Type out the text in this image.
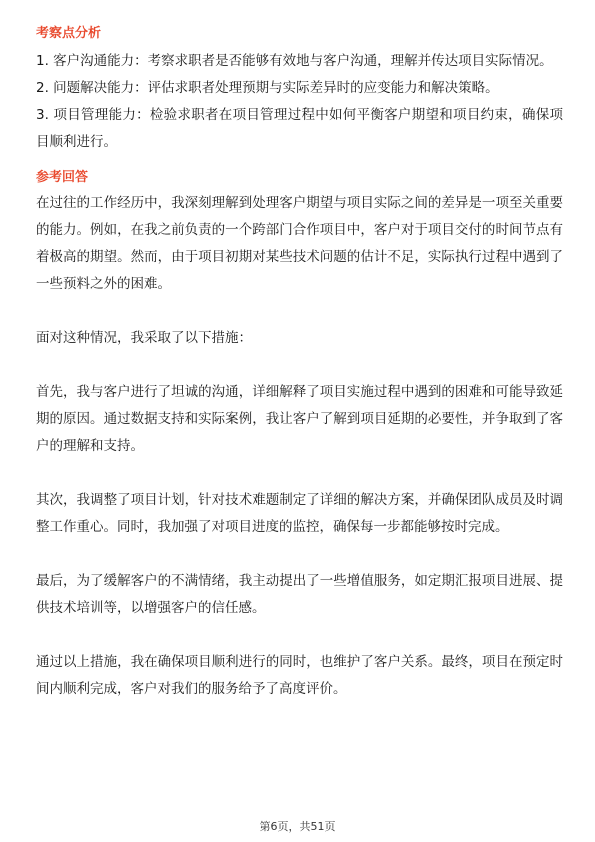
考察点分析

1. 客户沟通能力：考察求职者是否能够有效地与客户沟通，理解并传达项目实际情况。

2. 问题解决能力：评估求职者处理预期与实际差异时的应变能力和解决策略。

3. 项目管理能力：检验求职者在项目管理过程中如何平衡客户期望和项目约束，确保项目顺利进行。

参考回答

在过往的工作经历中，我深刻理解到处理客户期望与项目实际之间的差异是一项至关重要的能力。例如，在我之前负责的一个跨部门合作项目中，客户对于项目交付的时间节点有着极高的期望。然而，由于项目初期对某些技术问题的估计不足，实际执行过程中遇到了一些预料之外的困难。

面对这种情况，我采取了以下措施：

首先，我与客户进行了坦诚的沟通，详细解释了项目实施过程中遇到的困难和可能导致延期的原因。通过数据支持和实际案例，我让客户了解到项目延期的必要性，并争取到了客户的理解和支持。

其次，我调整了项目计划，针对技术难题制定了详细的解决方案，并确保团队成员及时调整工作重心。同时，我加强了对项目进度的监控，确保每一步都能够按时完成。

最后，为了缓解客户的不满情绪，我主动提出了一些增值服务，如定期汇报项目进展、提供技术培训等，以增强客户的信任感。

通过以上措施，我在确保项目顺利进行的同时，也维护了客户关系。最终，项目在预定时间内顺利完成，客户对我们的服务给予了高度评价。

第6页，共51页
